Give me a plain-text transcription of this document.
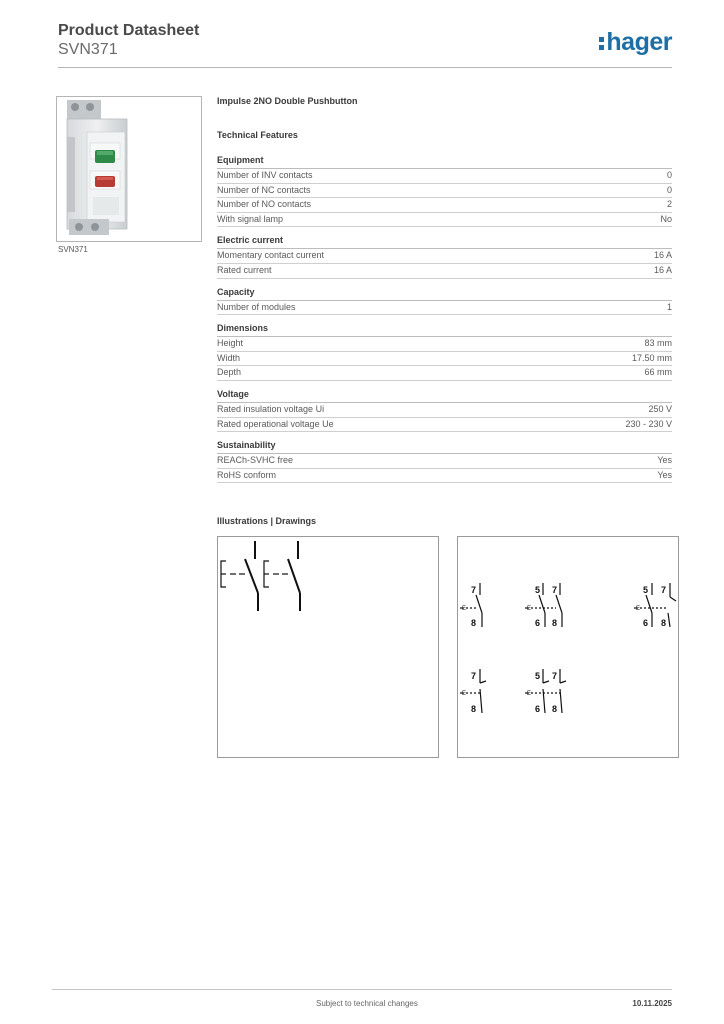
Product Datasheet
SVN371	hager
SVN371
Impulse 2NO Double Pushbutton
Technical Features
Equipment
Number of INV contacts	0
Number of NC contacts	0
Number of NO contacts	2
With signal lamp	No
Electric current
Momentary contact current	16 A
Rated current	16 A
Capacity
Number of modules	1
Dimensions
Height	83 mm
Width	17.50 mm
Depth	66 mm
Voltage
Rated insulation voltage Ui	250 V
Rated operational voltage Ue	230 - 230 V
Sustainability
REACh-SVHC free	Yes
RoHS conform	Yes
Illustrations | Drawings
E
7
8
E
5 7
6 8
E
5 7
6 8
E
7
8
E
5 7
6 8
Subject to technical changes	10.11.2025
